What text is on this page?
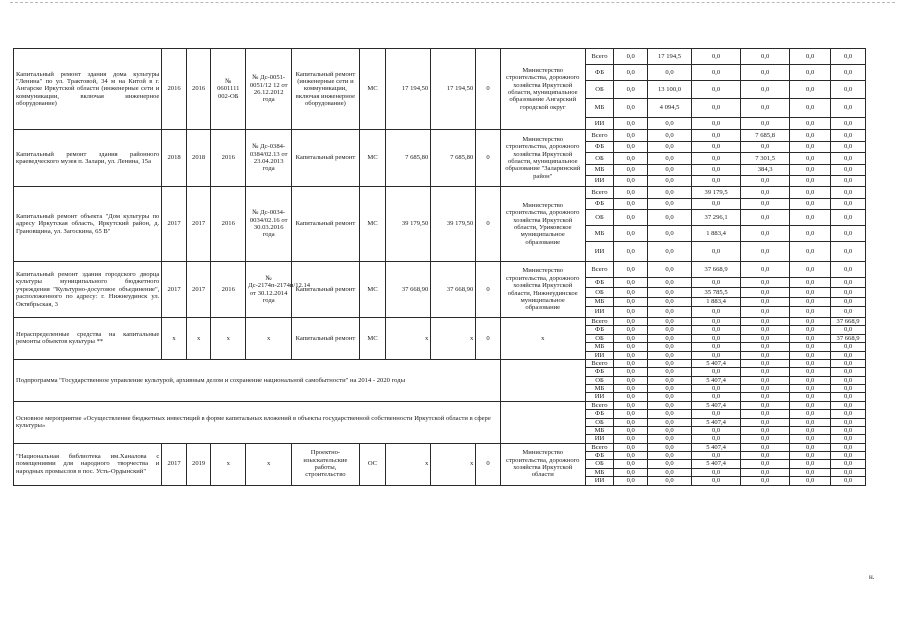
Капитальный ремонт здания дома культуры "Ленина" по ул. Трактовой, 34 м на Китой в г. Ангарске Иркутской области (инженерные сети и коммуникации, включая инженерное оборудование)	2016	2016	№ 0601111 002-ОБ	№ Дс-0051-0051/12 12 от 26.12.2012 года	Капитальный ремонт (инженерные сети и коммуникации, включая инженерное оборудование)	МС	17 194,50	17 194,50	0	Министерство строительства, дорожного хозяйства Иркутской области, муниципальное образование Ангарский городской округ	Всего	0,0	17 194,5	0,0	0,0	0,0	0,0
											ФБ	0,0	0,0	0,0	0,0	0,0	0,0
											ОБ	0,0	13 100,0	0,0	0,0	0,0	0,0
											МБ	0,0	4 094,5	0,0	0,0	0,0	0,0
											ИИ	0,0	0,0	0,0	0,0	0,0	0,0
Капитальный ремонт здания районного краеведческого музея п. Залари, ул. Ленина, 15а	2018	2018	2016	№ Дс-0384-0384/02.13 от 23.04.2013 года	Капитальный ремонт	МС	7 685,80	7 685,80	0	Министерство строительства, дорожного хозяйства Иркутской области, муниципальное образование "Заларинский район"	Всего	0,0	0,0	0,0	7 685,8	0,0	0,0
											ФБ	0,0	0,0	0,0	0,0	0,0	0,0
											ОБ	0,0	0,0	0,0	7 301,5	0,0	0,0
											МБ	0,0	0,0	0,0	384,3	0,0	0,0
											ИИ	0,0	0,0	0,0	0,0	0,0	0,0
Капитальный ремонт объекта "Дом культуры по адресу Иркутская область, Иркутский район, д. Грановщина, ул. Загоскина, 65 В"	2017	2017	2016	№ Дс-0034-0034/02.16 от 30.03.2016 года	Капитальный ремонт	МС	39 179,50	39 179,50	0	Министерство строительства, дорожного хозяйства Иркутской области, Уриковское муниципальное образование	Всего	0,0	0,0	39 179,5	0,0	0,0	0,0
											ФБ	0,0	0,0	0,0	0,0	0,0	0,0
											ОБ	0,0	0,0	37 296,1	0,0	0,0	0,0
											МБ	0,0	0,0	1 883,4	0,0	0,0	0,0
											ИИ	0,0	0,0	0,0	0,0	0,0	0,0
Капитальный ремонт здания городского дворца культуры муниципального бюджетного учреждения "Культурно-досуговое объединение", расположенного по адресу: г. Нижнеудинск ул. Октябрьская, 3	2017	2017	2016	№ Дс-2174п-2174п/12.14 от 30.12.2014 года	Капитальный ремонт	МС	37 668,90	37 668,90	0	Министерство строительства, дорожного хозяйства Иркутской области, Нижнеудинское муниципальное образование	Всего	0,0	0,0	37 668,9	0,0	0,0	0,0
											ФБ	0,0	0,0	0,0	0,0	0,0	0,0
											ОБ	0,0	0,0	35 785,5	0,0	0,0	0,0
											МБ	0,0	0,0	1 883,4	0,0	0,0	0,0
											ИИ	0,0	0,0	0,0	0,0	0,0	0,0
Нераспределенные средства на капитальные ремонты объектов культуры **	x	x	x	x	Капитальный ремонт	МС	x	x	0	x	Всего	0,0	0,0	0,0	0,0	0,0	37 668,9
											ФБ	0,0	0,0	0,0	0,0	0,0	0,0
											ОБ	0,0	0,0	0,0	0,0	0,0	37 668,9
											МБ	0,0	0,0	0,0	0,0	0,0	0,0
											ИИ	0,0	0,0	0,0	0,0	0,0	0,0
Подпрограмма "Государственное управление культурой, архивным делом и сохранение национальной самобытности" на 2014 - 2020 годы											Всего	0,0	0,0	5 407,4	0,0	0,0	0,0
											ФБ	0,0	0,0	0,0	0,0	0,0	0,0
											ОБ	0,0	0,0	5 407,4	0,0	0,0	0,0
											МБ	0,0	0,0	0,0	0,0	0,0	0,0
											ИИ	0,0	0,0	0,0	0,0	0,0	0,0
Основное мероприятие «Осуществление бюджетных инвестиций в форме капитальных вложений в объекты государственной собственности Иркутской области в сфере культуры»											Всего	0,0	0,0	5 407,4	0,0	0,0	0,0
											ФБ	0,0	0,0	0,0	0,0	0,0	0,0
											ОБ	0,0	0,0	5 407,4	0,0	0,0	0,0
											МБ	0,0	0,0	0,0	0,0	0,0	0,0
											ИИ	0,0	0,0	0,0	0,0	0,0	0,0
"Национальная библиотека им.Ханалова с помещениями для народного творчества и народных промыслов в пос. Усть-Ордынский"	2017	2019	x	x	Проектно-изыскательские работы, строительство	ОС	x	x	0	Министерство строительства, дорожного хозяйства Иркутской области	Всего	0,0	0,0	5 407,4	0,0	0,0	0,0
											ФБ	0,0	0,0	0,0	0,0	0,0	0,0
											ОБ	0,0	0,0	5 407,4	0,0	0,0	0,0
											МБ	0,0	0,0	0,0	0,0	0,0	0,0
											ИИ	0,0	0,0	0,0	0,0	0,0	0,0
н.
